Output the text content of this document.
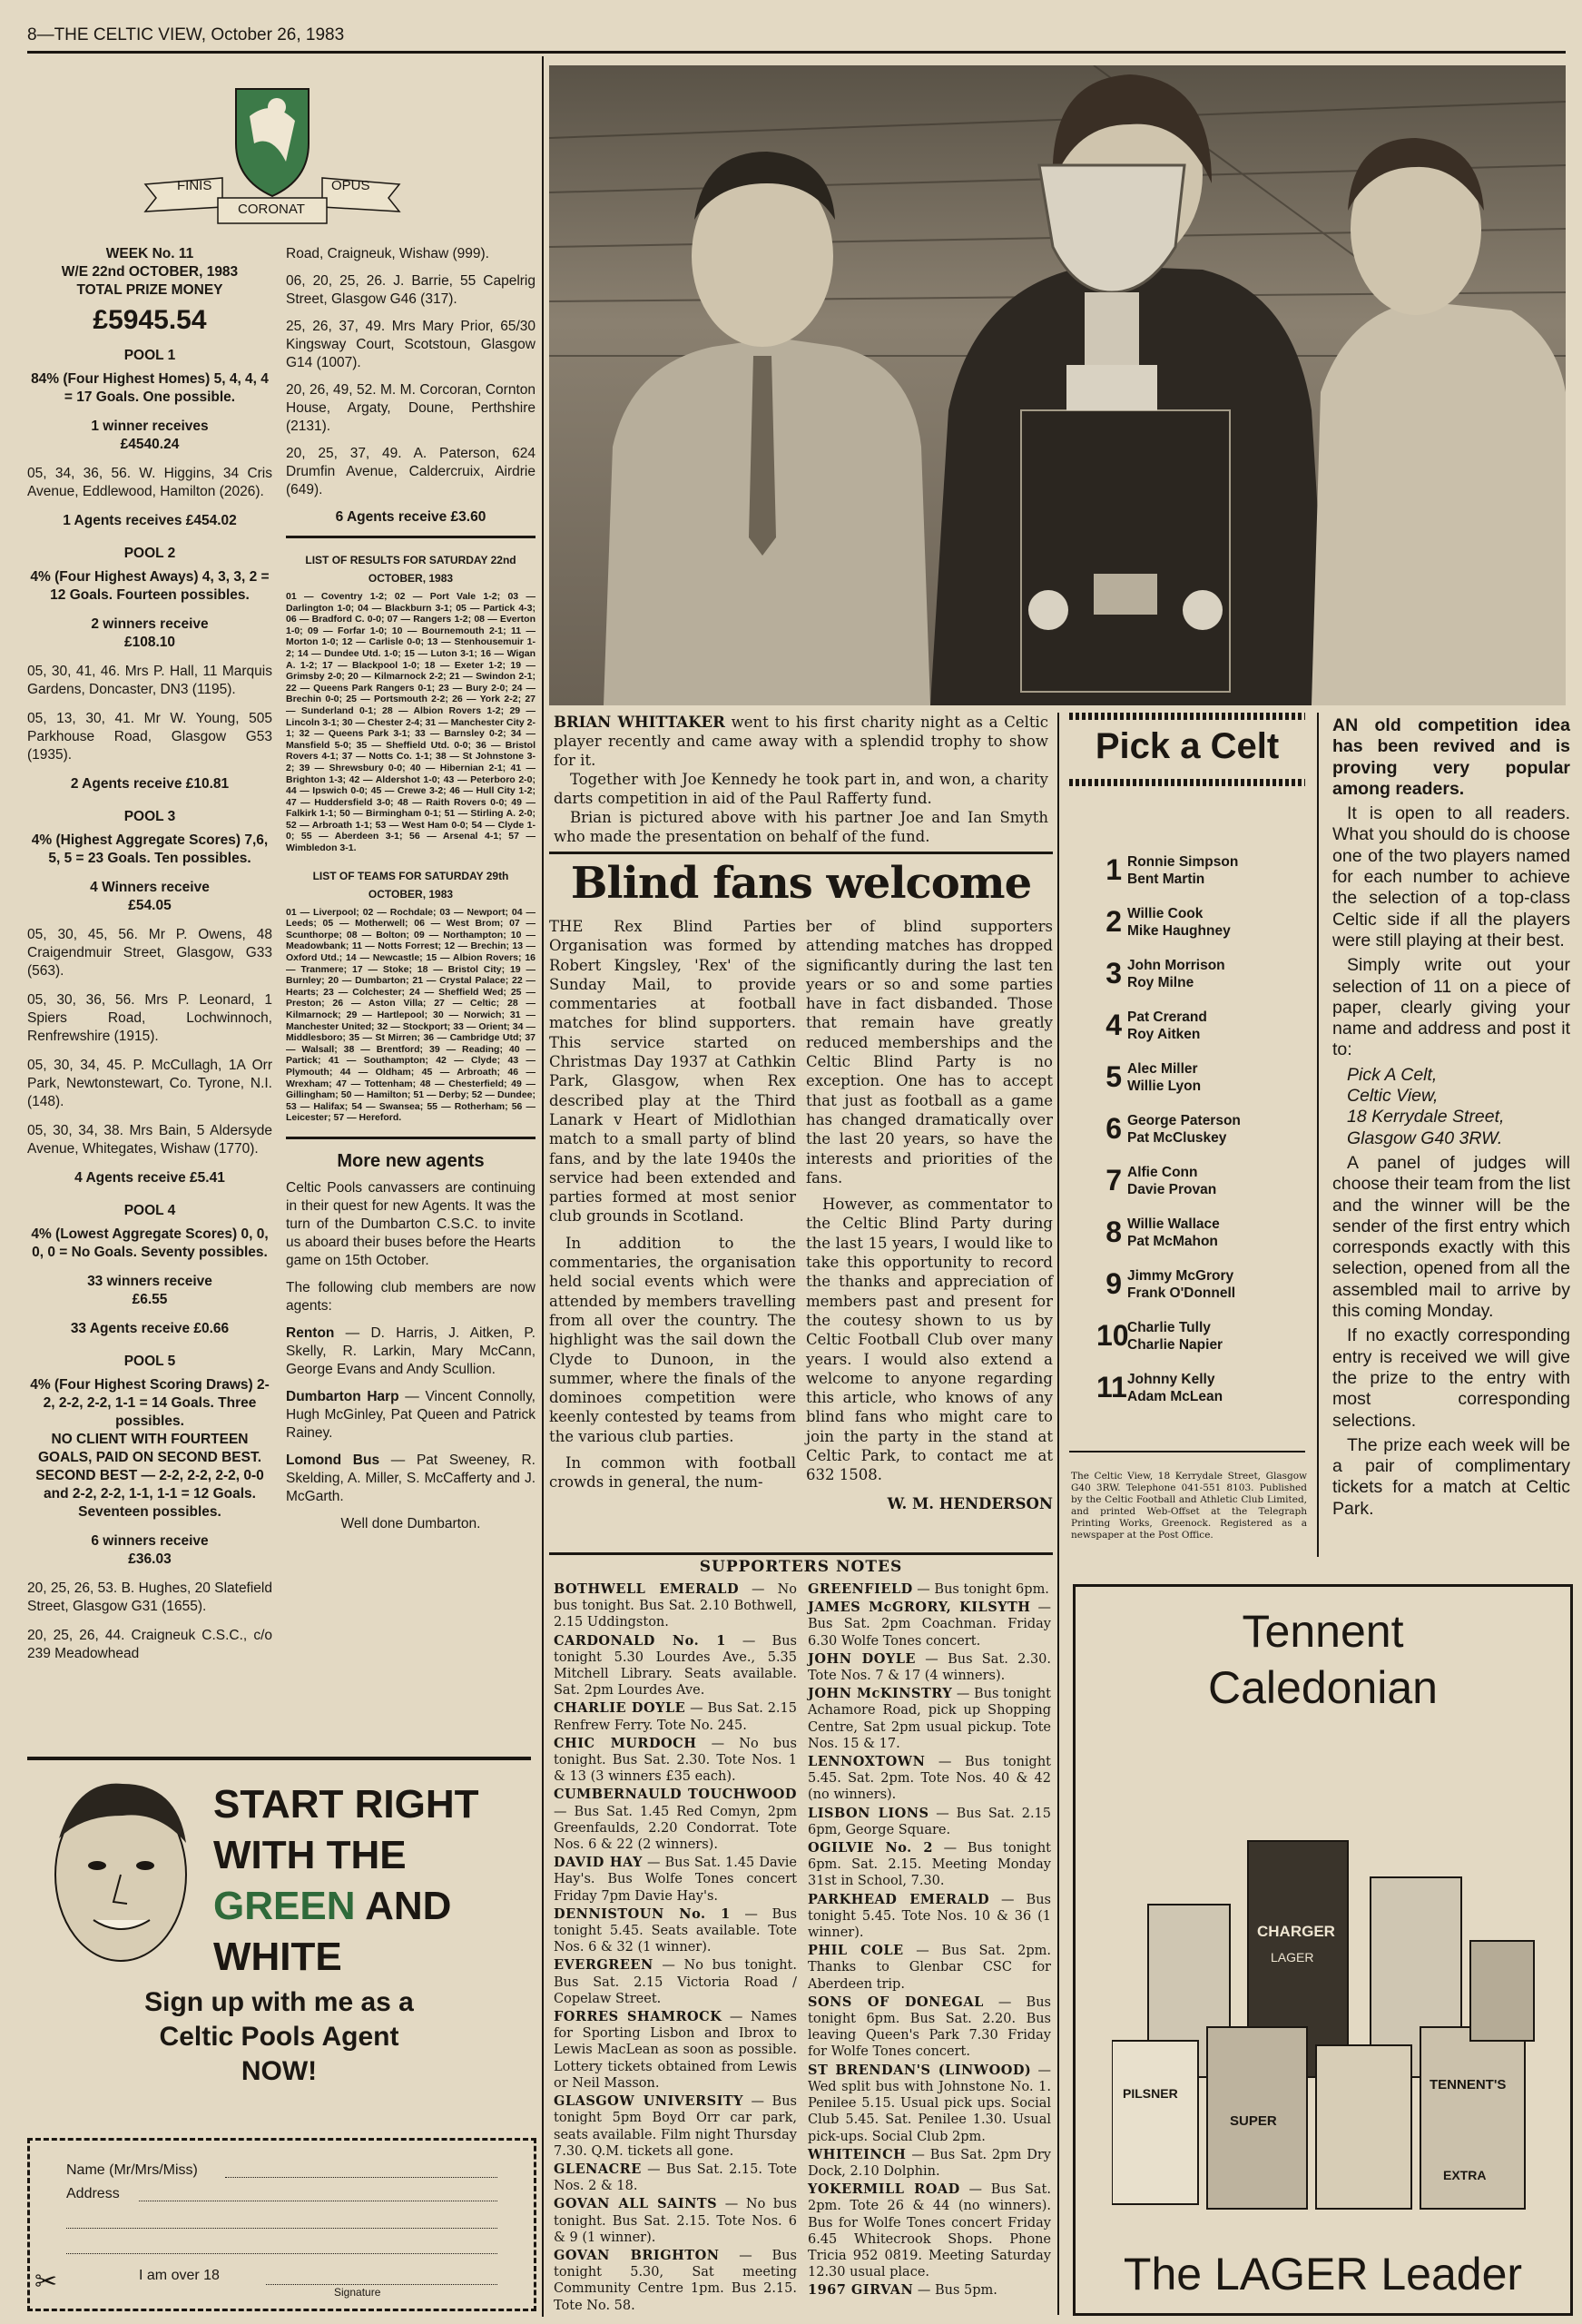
8—THE CELTIC VIEW, October 26, 1983
FINIS	OPUS
CORONAT

WEEK No. 11

W/E 22nd OCTOBER, 1983

TOTAL PRIZE MONEY

£5945.54

POOL 1

84% (Four Highest Homes) 5, 4, 4, 4 = 17 Goals. One possible.

1 winner receives

£4540.24

05, 34, 36, 56. W. Higgins, 34 Cris Avenue, Eddlewood, Hamilton (2026).

1 Agents receives £454.02

POOL 2

4% (Four Highest Aways) 4, 3, 3, 2 = 12 Goals. Fourteen possibles.

2 winners receive

£108.10

05, 30, 41, 46. Mrs P. Hall, 11 Marquis Gardens, Doncaster, DN3 (1195).

05, 13, 30, 41. Mr W. Young, 505 Parkhouse Road, Glasgow G53 (1935).

2 Agents receive £10.81

POOL 3

4% (Highest Aggregate Scores) 7,6, 5, 5 = 23 Goals. Ten possibles.

4 Winners receive

£54.05

05, 30, 45, 56. Mr P. Owens, 48 Craigendmuir Street, Glasgow, G33 (563).

05, 30, 36, 56. Mrs P. Leonard, 1 Spiers Road, Lochwinnoch, Renfrewshire (1915).

05, 30, 34, 45. P. McCullagh, 1A Orr Park, Newtonstewart, Co. Tyrone, N.I. (148).

05, 30, 34, 38. Mrs Bain, 5 Aldersyde Avenue, Whitegates, Wishaw (1770).

4 Agents receive £5.41

POOL 4

4% (Lowest Aggregate Scores) 0, 0, 0, 0 = No Goals. Seventy possibles.

33 winners receive

£6.55

33 Agents receive £0.66

POOL 5

4% (Four Highest Scoring Draws) 2-2, 2-2, 2-2, 1-1 = 14 Goals. Three possibles.

NO CLIENT WITH FOURTEEN GOALS, PAID ON SECOND BEST. SECOND BEST — 2-2, 2-2, 2-2, 0-0 and 2-2, 2-2, 1-1, 1-1 = 12 Goals. Seventeen possibles.

6 winners receive

£36.03

20, 25, 26, 53. B. Hughes, 20 Slatefield Street, Glasgow G31 (1655).

20, 25, 26, 44. Craigneuk C.S.C., c/o 239 Meadowhead

Road, Craigneuk, Wishaw (999).

06, 20, 25, 26. J. Barrie, 55 Capelrig Street, Glasgow G46 (317).

25, 26, 37, 49. Mrs Mary Prior, 65/30 Kingsway Court, Scotstoun, Glasgow G14 (1007).

20, 26, 49, 52. M. M. Corcoran, Cornton House, Argaty, Doune, Perthshire (2131).

20, 25, 37, 49. A. Paterson, 624 Drumfin Avenue, Caldercruix, Airdrie (649).

6 Agents receive £3.60

LIST OF RESULTS FOR SATURDAY 22nd OCTOBER, 1983
01 — Coventry 1-2; 02 — Port Vale 1-2; 03 — Darlington 1-0; 04 — Blackburn 3-1; 05 — Partick 4-3; 06 — Bradford C. 0-0; 07 — Rangers 1-2; 08 — Everton 1-0; 09 — Forfar 1-0; 10 — Bournemouth 2-1; 11 — Morton 1-0; 12 — Carlisle 0-0; 13 — Stenhousemuir 1-2; 14 — Dundee Utd. 1-0; 15 — Luton 3-1; 16 — Wigan A. 1-2; 17 — Blackpool 1-0; 18 — Exeter 1-2; 19 — Grimsby 2-0; 20 — Kilmarnock 2-2; 21 — Swindon 2-1; 22 — Queens Park Rangers 0-1; 23 — Bury 2-0; 24 — Brechin 0-0; 25 — Portsmouth 2-2; 26 — York 2-2; 27 — Sunderland 0-1; 28 — Albion Rovers 1-2; 29 — Lincoln 3-1; 30 — Chester 2-4; 31 — Manchester City 2-1; 32 — Queens Park 3-1; 33 — Barnsley 0-2; 34 — Mansfield 5-0; 35 — Sheffield Utd. 0-0; 36 — Bristol Rovers 4-1; 37 — Notts Co. 1-1; 38 — St Johnstone 3-2; 39 — Shrewsbury 0-0; 40 — Hibernian 2-1; 41 — Brighton 1-3; 42 — Aldershot 1-0; 43 — Peterboro 2-0; 44 — Ipswich 0-0; 45 — Crewe 3-2; 46 — Hull City 1-2; 47 — Huddersfield 3-0; 48 — Raith Rovers 0-0; 49 — Falkirk 1-1; 50 — Birmingham 0-1; 51 — Stirling A. 2-0; 52 — Arbroath 1-1; 53 — West Ham 0-0; 54 — Clyde 1-0; 55 — Aberdeen 3-1; 56 — Arsenal 4-1; 57 — Wimbledon 3-1.
LIST OF TEAMS FOR SATURDAY 29th OCTOBER, 1983
01 — Liverpool; 02 — Rochdale; 03 — Newport; 04 — Leeds; 05 — Motherwell; 06 — West Brom; 07 — Scunthorpe; 08 — Bolton; 09 — Northampton; 10 — Meadowbank; 11 — Notts Forrest; 12 — Brechin; 13 — Oxford Utd.; 14 — Newcastle; 15 — Albion Rovers; 16 — Tranmere; 17 — Stoke; 18 — Bristol City; 19 — Burnley; 20 — Dumbarton; 21 — Crystal Palace; 22 — Hearts; 23 — Colchester; 24 — Sheffield Wed; 25 — Preston; 26 — Aston Villa; 27 — Celtic; 28 — Kilmarnock; 29 — Hartlepool; 30 — Norwich; 31 — Manchester United; 32 — Stockport; 33 — Orient; 34 — Middlesboro; 35 — St Mirren; 36 — Cambridge Utd; 37 — Walsall; 38 — Brentford; 39 — Reading; 40 — Partick; 41 — Southampton; 42 — Clyde; 43 — Plymouth; 44 — Oldham; 45 — Arbroath; 46 — Wrexham; 47 — Tottenham; 48 — Chesterfield; 49 — Gillingham; 50 — Hamilton; 51 — Derby; 52 — Dundee; 53 — Halifax; 54 — Swansea; 55 — Rotherham; 56 — Leicester; 57 — Hereford.
More new agents

Celtic Pools canvassers are continuing in their quest for new Agents. It was the turn of the Dumbarton C.S.C. to invite us aboard their buses before the Hearts game on 15th October.

The following club members are now agents:

Renton — D. Harris, J. Aitken, P. Skelly, R. Larkin, Mary McCann, George Evans and Andy Scullion.

Dumbarton Harp — Vincent Connolly, Hugh McGinley, Pat Queen and Patrick Rainey.

Lomond Bus — Pat Sweeney, R. Skelding, A. Miller, S. McCafferty and J. McGarth.

Well done Dumbarton.

START RIGHT
WITH THE
GREEN AND WHITE
Sign up with me as a
Celtic Pools Agent
NOW!
Name (Mr/Mrs/Miss)
Address
I am over 18
Signature
✂

BRIAN WHITTAKER went to his first charity night as a Celtic player recently and came away with a splendid trophy to show for it.

Together with Joe Kennedy he took part in, and won, a charity darts competition in aid of the Paul Rafferty fund.

Brian is pictured above with his partner Joe and Ian Smyth who made the presentation on behalf of the fund.

Blind fans welcome

THE Rex Blind Parties Organisation was formed by Robert Kingsley, 'Rex' of the Sunday Mail, to provide commentaries at football matches for blind supporters. This service started on Christmas Day 1937 at Cathkin Park, Glasgow, when Rex described play at the Third Lanark v Heart of Midlothian match to a small party of blind fans, and by the late 1940s the service had been extended and parties formed at most senior club grounds in Scotland.

In addition to the commentaries, the organisation held social events which were attended by members travelling from all over the country. The highlight was the sail down the Clyde to Dunoon, in the summer, where the finals of the dominoes competition were keenly contested by teams from the various club parties.

In common with football crowds in general, the num-

ber of blind supporters attending matches has dropped significantly during the last ten years or so and some parties have in fact disbanded. Those that remain have greatly reduced memberships and the Celtic Blind Party is no exception. One has to accept that just as football as a game has changed dramatically over the last 20 years, so have the interests and priorities of the fans.

However, as commentator to the Celtic Blind Party during the last 15 years, I would like to take this opportunity to record the thanks and appreciation of members past and present for the coutesy shown to us by Celtic Football Club over many years. I would also extend a welcome to anyone regarding this article, who knows of any blind fans who might care to join the party in the stand at Celtic Park, to contact me at 632 1508.

W. M. HENDERSON
SUPPORTERS NOTES

BOTHWELL EMERALD — No bus tonight. Bus Sat. 2.10 Bothwell, 2.15 Uddingston.

CARDONALD No. 1 — Bus tonight 5.30 Lourdes Ave., 5.35 Mitchell Library. Seats available. Sat. 2pm Lourdes Ave.

CHARLIE DOYLE — Bus Sat. 2.15 Renfrew Ferry. Tote No. 245.

CHIC MURDOCH — No bus tonight. Bus Sat. 2.30. Tote Nos. 1 & 13 (3 winners £35 each).

CUMBERNAULD TOUCHWOOD — Bus Sat. 1.45 Red Comyn, 2pm Greenfaulds, 2.20 Condorrat. Tote Nos. 6 & 22 (2 winners).

DAVID HAY — Bus Sat. 1.45 Davie Hay's. Bus Wolfe Tones concert Friday 7pm Davie Hay's.

DENNISTOUN No. 1 — Bus tonight 5.45. Seats available. Tote Nos. 6 & 32 (1 winner).

EVERGREEN — No bus tonight. Bus Sat. 2.15 Victoria Road / Copelaw Street.

FORRES SHAMROCK — Names for Sporting Lisbon and Ibrox to Lewis MacLean as soon as possible. Lottery tickets obtained from Lewis or Neil Masson.

GLASGOW UNIVERSITY — Bus tonight 5pm Boyd Orr car park, seats available. Film night Thursday 7.30. Q.M. tickets all gone.

GLENACRE — Bus Sat. 2.15. Tote Nos. 2 & 18.

GOVAN ALL SAINTS — No bus tonight. Bus Sat. 2.15. Tote Nos. 6 & 9 (1 winner).

GOVAN BRIGHTON — Bus tonight 5.30, Sat meeting Community Centre 1pm. Bus 2.15. Tote No. 58.

GREENFIELD — Bus tonight 6pm.

JAMES McGRORY, KILSYTH — Bus Sat. 2pm Coachman. Friday 6.30 Wolfe Tones concert.

JOHN DOYLE — Bus Sat. 2.30. Tote Nos. 7 & 17 (4 winners).

JOHN McKINSTRY — Bus tonight Achamore Road, pick up Shopping Centre, Sat 2pm usual pickup. Tote Nos. 15 & 17.

LENNOXTOWN — Bus tonight 5.45. Sat. 2pm. Tote Nos. 40 & 42 (no winners).

LISBON LIONS — Bus Sat. 2.15 6pm, George Square.

OGILVIE No. 2 — Bus tonight 6pm. Sat. 2.15. Meeting Monday 31st in School, 7.30.

PARKHEAD EMERALD — Bus tonight 5.45. Tote Nos. 10 & 36 (1 winner).

PHIL COLE — Bus Sat. 2pm. Thanks to Glenbar CSC for Aberdeen trip.

SONS OF DONEGAL — Bus tonight 6pm. Bus Sat. 2.20. Bus leaving Queen's Park 7.30 Friday for Wolfe Tones concert.

ST BRENDAN'S (LINWOOD) — Wed split bus with Johnstone No. 1. Penilee 5.15. Usual pick ups. Social Club 5.45. Sat. Penilee 1.30. Usual pick-ups. Social Club 2pm.

WHITEINCH — Bus Sat. 2pm Dry Dock, 2.10 Dolphin.

YOKERMILL ROAD — Bus Sat. 2pm. Tote 26 & 44 (no winners). Bus for Wolfe Tones concert Friday 6.45 Whitecrook Shops. Phone Tricia 952 0819. Meeting Saturday 12.30 usual place.

1967 GIRVAN — Bus 5pm.

Pick a Celt
1 Ronnie Simpson
Bent Martin
2 Willie Cook
Mike Haughney
3 John Morrison
Roy Milne
4 Pat Crerand
Roy Aitken
5 Alec Miller
Willie Lyon
6 George Paterson
Pat McCluskey
7 Alfie Conn
Davie Provan
8 Willie Wallace
Pat McMahon
9 Jimmy McGrory
Frank O'Donnell
10
Charlie Tully
Charlie Napier
11 Johnny Kelly
Adam McLean
The Celtic View, 18 Kerrydale Street, Glasgow G40 3RW. Telephone 041-551 8103. Published by the Celtic Football and Athletic Club Limited, and printed Web-Offset at the Telegraph Printing Works, Greenock. Registered as a newspaper at the Post Office.

AN old competition idea has been revived and is proving very popular among readers.

It is open to all readers. What you should do is choose one of the two players named for each number to achieve the selection of a top-class Celtic side if all the players were still playing at their best.

Simply write out your selection of 11 on a piece of paper, clearly giving your name and address and post it to:

Pick A Celt,
Celtic View,
18 Kerrydale Street,
Glasgow G40 3RW.

A panel of judges will choose their team from the list and the winner will be the sender of the first entry which corresponds exactly with this selection, opened from all the assembled mail to arrive by this coming Monday.

If no exactly corresponding entry is received we will give the prize to the entry with most corresponding selections.

The prize each week will be a pair of complimentary tickets for a match at Celtic Park.

Tennent
Caledonian
CHARGER
LAGER
TENNENT'S
SUPER
EXTRA
PILSNER
The LAGER Leader
